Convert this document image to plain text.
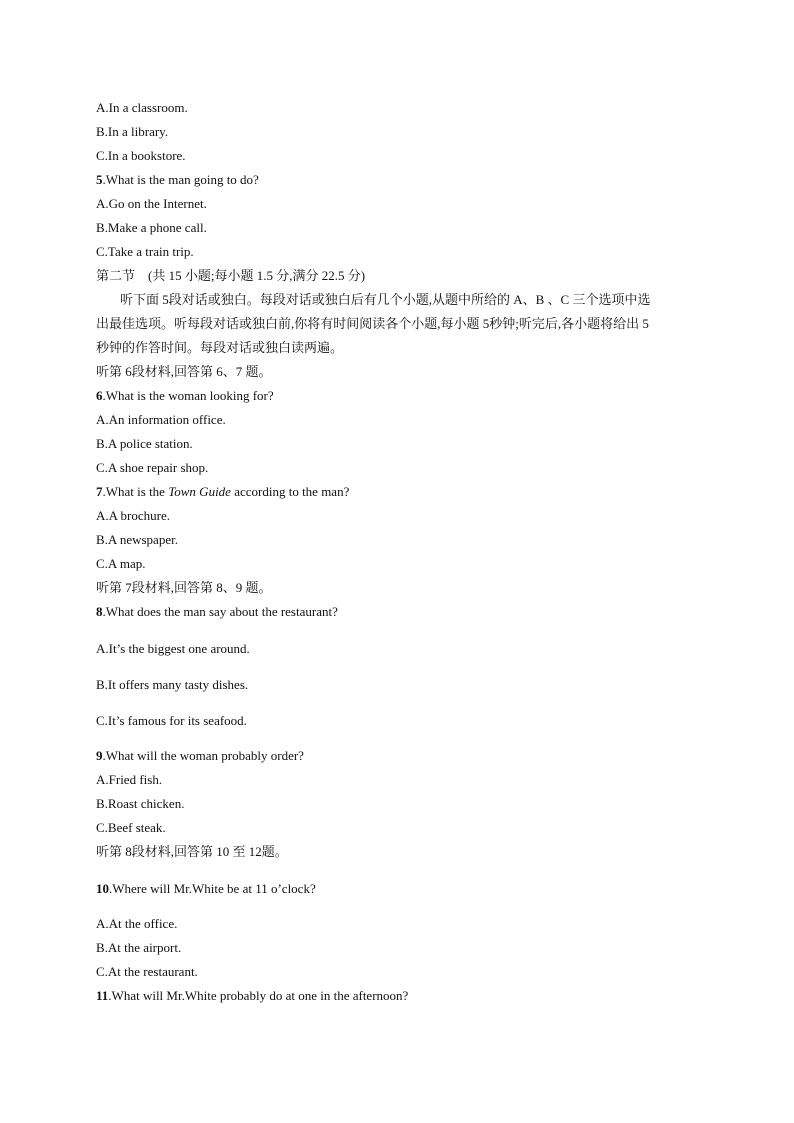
A.In a classroom.
B.In a library.
C.In a bookstore.
5.What is the man going to do?
A.Go on the Internet.
B.Make a phone call.
C.Take a train trip.
第二节　(共 15 小题;每小题 1.5 分,满分 22.5 分)
听下面 5段对话或独白。每段对话或独白后有几个小题,从题中所给的 A、B 、C 三个选项中选
出最佳选项。听每段对话或独白前,你将有时间阅读各个小题,每小题 5秒钟;听完后,各小题将给出 5
秒钟的作答时间。每段对话或独白读两遍。
听第 6段材料,回答第 6、7 题。
6.What is the woman looking for?
A.An information office.
B.A police station.
C.A shoe repair shop.
7.What is the Town Guide according to the man?
A.A brochure.
B.A newspaper.
C.A map.
听第 7段材料,回答第 8、9 题。
8.What does the man say about the restaurant?
A.It’s the biggest one around.
B.It offers many tasty dishes.
C.It’s famous for its seafood.
9.What will the woman probably order?
A.Fried fish.
B.Roast chicken.
C.Beef steak.
听第 8段材料,回答第 10 至 12题。
10.Where will Mr.White be at 11 o’clock?
A.At the office.
B.At the airport.
C.At the restaurant.
11.What will Mr.White probably do at one in the afternoon?
